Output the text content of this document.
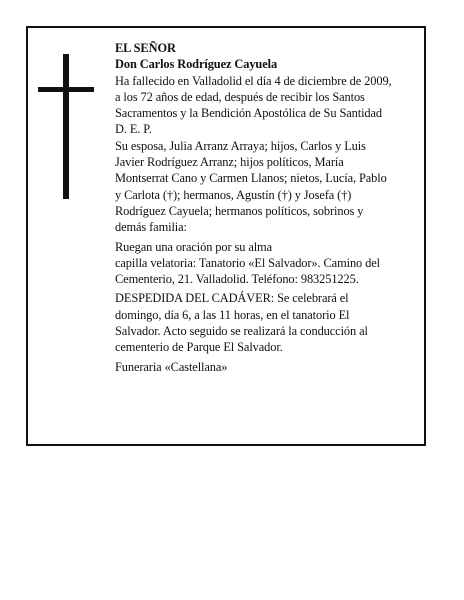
EL SEÑOR

Don Carlos Rodríguez Cayuela

Ha fallecido en Valladolid el día 4 de diciembre de 2009, a los 72 años de edad, después de recibir los Santos Sacramentos y la Bendición Apostólica de Su Santidad

D. E. P.

Su esposa, Julia Arranz Arraya; hijos, Carlos y Luis Javier Rodríguez Arranz; hijos políticos, María Montserrat Cano y Carmen Llanos; nietos, Lucía, Pablo y Carlota (†); hermanos, Agustín (†) y Josefa (†) Rodríguez Cayuela; hermanos políticos, sobrinos y demás familia:

Ruegan una oración por su alma

capilla velatoria: Tanatorio «El Salvador». Camino del Cementerio, 21. Valladolid. Teléfono: 983251225.

DESPEDIDA DEL CADÁVER: Se celebrará el domingo, día 6, a las 11 horas, en el tanatorio El Salvador. Acto seguido se realizará la conducción al cementerio de Parque El Salvador.

Funeraria «Castellana»
